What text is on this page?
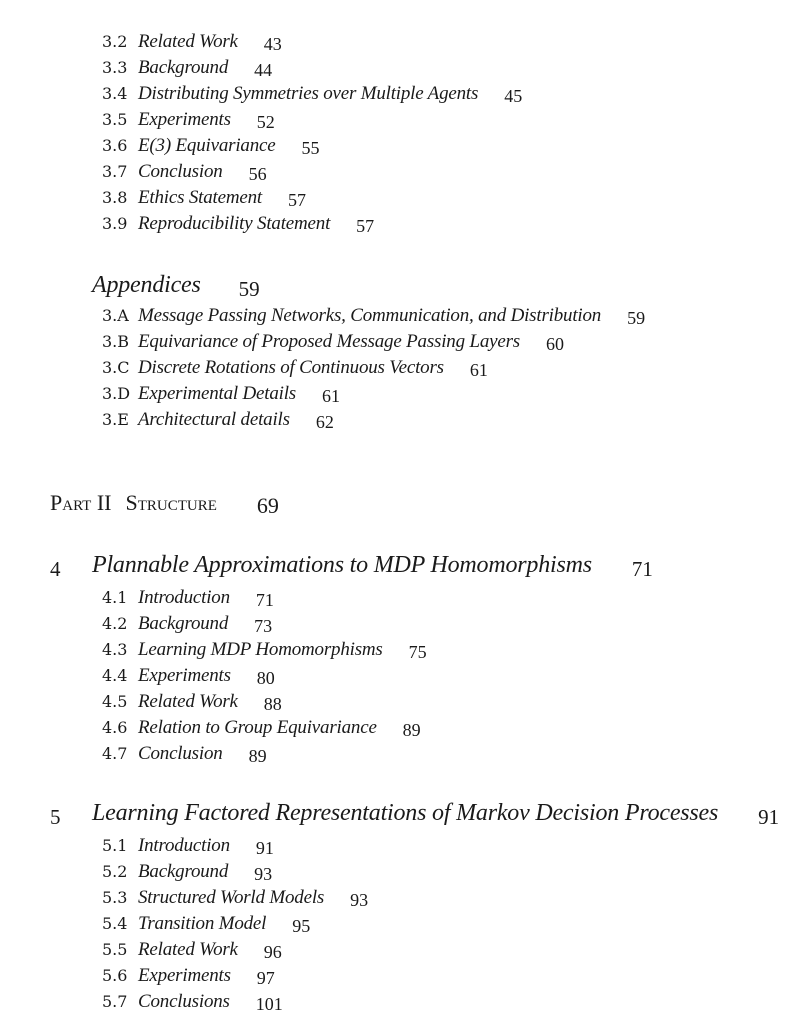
3.2 Related Work 43
3.3 Background 44
3.4 Distributing Symmetries over Multiple Agents 45
3.5 Experiments 52
3.6 E(3) Equivariance 55
3.7 Conclusion 56
3.8 Ethics Statement 57
3.9 Reproducibility Statement 57
Appendices 59
3.A Message Passing Networks, Communication, and Distribution 59
3.B Equivariance of Proposed Message Passing Layers 60
3.C Discrete Rotations of Continuous Vectors 61
3.D Experimental Details 61
3.E Architectural details 62
Part II Structure 69
4	Plannable Approximations to MDP Homomorphisms 71
4.1 Introduction 71
4.2 Background 73
4.3 Learning MDP Homomorphisms 75
4.4 Experiments 80
4.5 Related Work 88
4.6 Relation to Group Equivariance 89
4.7 Conclusion 89
5	Learning Factored Representations of Markov Decision Processes 91
5.1 Introduction 91
5.2 Background 93
5.3 Structured World Models 93
5.4 Transition Model 95
5.5 Related Work 96
5.6 Experiments 97
5.7 Conclusions 101
